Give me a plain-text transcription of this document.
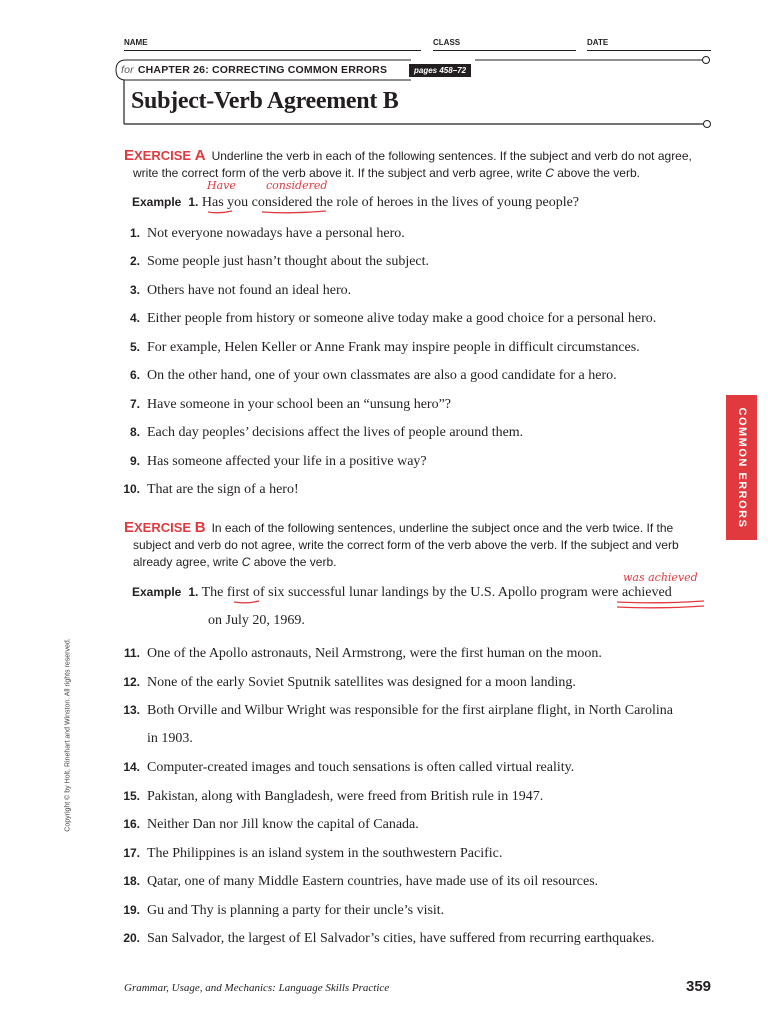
NAME	CLASS	DATE
for CHAPTER 26: CORRECTING COMMON ERRORS	pages 458–72
Subject-Verb Agreement B
EXERCISE A Underline the verb in each of the following sentences. If the subject and verb do not agree,
write the correct form of the verb above it. If the subject and verb agree, write C above the verb.
Have	considered
Example 1. Has you considered the role of heroes in the lives of young people?
1. Not everyone nowadays have a personal hero.
2. Some people just hasn’t thought about the subject.
3. Others have not found an ideal hero.
4. Either people from history or someone alive today make a good choice for a personal hero.
5. For example, Helen Keller or Anne Frank may inspire people in difficult circumstances.
6. On the other hand, one of your own classmates are also a good candidate for a hero.
7. Have someone in your school been an “unsung hero”?
8. Each day peoples’ decisions affect the lives of people around them.
9. Has someone affected your life in a positive way?
10. That are the sign of a hero!
EXERCISE B In each of the following sentences, underline the subject once and the verb twice. If the
subject and verb do not agree, write the correct form of the verb above the verb. If the subject and verb
already agree, write C above the verb.
was achieved
Example 1. The first of six successful lunar landings by the U.S. Apollo program were achieved
on July 20, 1969.
11. One of the Apollo astronauts, Neil Armstrong, were the first human on the moon.
12. None of the early Soviet Sputnik satellites was designed for a moon landing.
13. Both Orville and Wilbur Wright was responsible for the first airplane flight, in North Carolina
in 1903.
14. Computer-created images and touch sensations is often called virtual reality.
15. Pakistan, along with Bangladesh, were freed from British rule in 1947.
16. Neither Dan nor Jill know the capital of Canada.
17. The Philippines is an island system in the southwestern Pacific.
18. Qatar, one of many Middle Eastern countries, have made use of its oil resources.
19. Gu and Thy is planning a party for their uncle’s visit.
20. San Salvador, the largest of El Salvador’s cities, have suffered from recurring earthquakes.
COMMON ERRORS
Copyright © by Holt, Rinehart and Winston. All rights reserved.
Grammar, Usage, and Mechanics: Language Skills Practice	359
